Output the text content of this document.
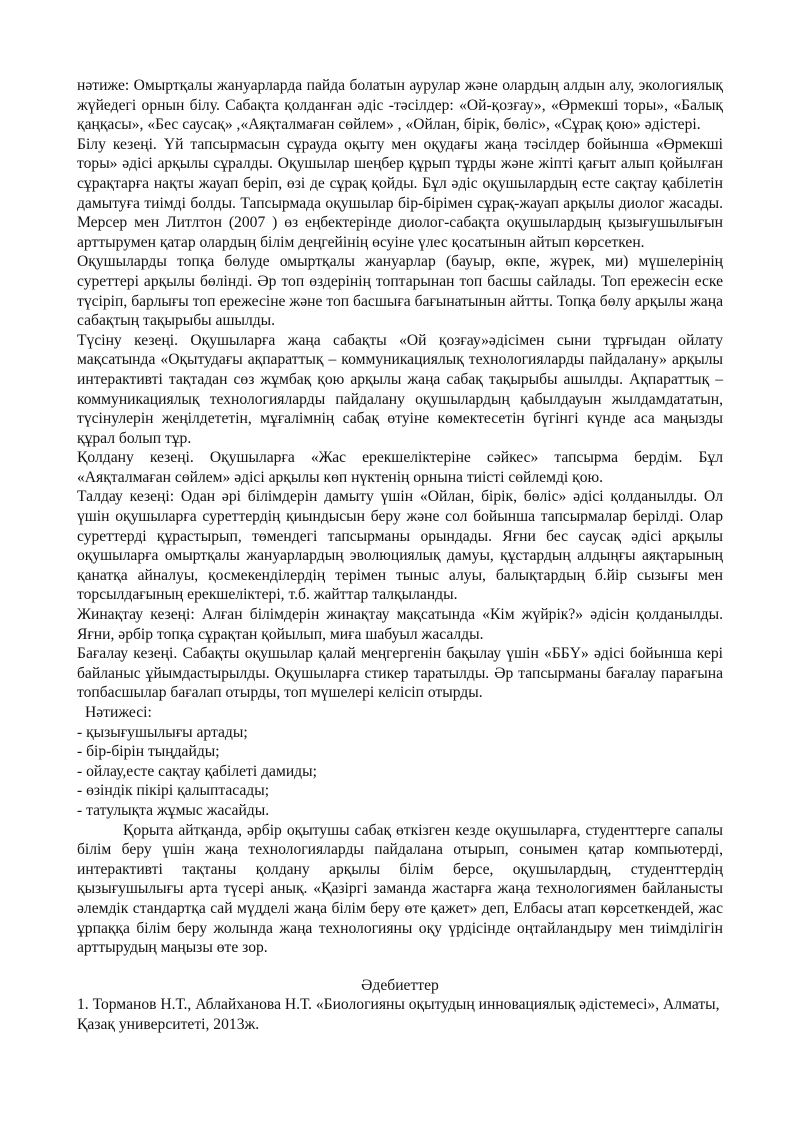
нәтиже: Омыртқалы жануарларда пайда болатын аурулар және олардың алдын алу, экологиялық жүйедегі орнын білу. Сабақта қолданған әдіс -тәсілдер: «Ой-қозғау», «Өрмекші торы», «Балық қаңқасы», «Бес саусақ» ,«Аяқталмаған сөйлем» , «Ойлан, бірік, бөліс», «Сұрақ қою» әдістері.

Білу кезеңі. Үй тапсырмасын сұрауда оқыту мен оқудағы жаңа тәсілдер бойынша «Өрмекші торы» әдісі арқылы сұралды. Оқушылар шеңбер құрып тұрды және жіпті қағыт алып қойылған сұрақтарға нақты жауап беріп, өзі де сұрақ қойды. Бұл әдіс оқушылардың есте сақтау қабілетін дамытуға тиімді болды. Тапсырмада оқушылар бір-бірімен сұрақ-жауап арқылы диолог жасады. Мерсер мен Литлтон (2007 ) өз еңбектерінде диолог-сабақта оқушылардың қызығушылығын арттырумен қатар олардың білім деңгейінің өсуіне үлес қосатынын айтып көрсеткен.

Оқушыларды топқа бөлуде омыртқалы жануарлар (бауыр, өкпе, жүрек, ми) мүшелерінің суреттері арқылы бөлінді. Әр топ өздерінің топтарынан топ басшы сайлады. Топ ережесін еске түсіріп, барлығы топ ережесіне және топ басшыға бағынатынын айтты. Топқа бөлу арқылы жаңа сабақтың тақырыбы ашылды.

Түсіну кезеңі. Оқушыларға жаңа сабақты «Ой қозғау»әдісімен сыни тұрғыдан ойлату мақсатында «Оқытудағы ақпараттық – коммуникациялық технологияларды пайдалану» арқылы интерактивті тақтадан сөз жұмбақ қою арқылы жаңа сабақ тақырыбы ашылды. Ақпараттық – коммуникациялық технологияларды пайдалану оқушылардың қабылдауын жылдамдататын, түсінулерін жеңілдететін, мұғалімнің сабақ өтуіне көмектесетін бүгінгі күнде аса маңызды құрал болып тұр.

Қолдану кезеңі. Оқушыларға «Жас ерекшеліктеріне сәйкес» тапсырма бердім. Бұл «Аяқталмаған сөйлем» әдісі арқылы көп нүктенің орнына тиісті сөйлемді қою.

Талдау кезеңі: Одан әрі білімдерін дамыту үшін «Ойлан, бірік, бөліс» әдісі қолданылды. Ол үшін оқушыларға суреттердің қиындысын беру және сол бойынша тапсырмалар берілді. Олар суреттерді құрастырып, төмендегі тапсырманы орындады. Яғни бес саусақ әдісі арқылы оқушыларға омыртқалы жануарлардың эволюциялық дамуы, құстардың алдыңғы аяқтарының қанатқа айналуы, қосмекенділердің терімен тыныс алуы, балықтардың б.йір сызығы мен торсылдағының ерекшеліктері, т.б. жайттар талқыланды.

Жинақтау кезеңі: Алған білімдерін жинақтау мақсатында «Кім жүйрік?» әдісін қолданылды. Яғни, әрбір топқа сұрақтан қойылып, миға шабуыл жасалды.

Бағалау кезеңі. Сабақты оқушылар қалай меңгергенін бақылау үшін «ББҮ» әдісі бойынша кері байланыс ұйымдастырылды. Оқушыларға стикер таратылды. Әр тапсырманы бағалау парағына топбасшылар бағалап отырды, топ мүшелері келісіп отырды.

Нәтижесі:
- қызығушылығы артады;
- бір-бірін тыңдайды;
- ойлау,есте сақтау қабілеті дамиды;
- өзіндік пікірі қалыптасады;
- татулықта жұмыс жасайды.

Қорыта айтқанда, әрбір оқытушы сабақ өткізген кезде оқушыларға, студенттерге сапалы білім беру үшін жаңа технологияларды пайдалана отырып, сонымен қатар компьютерді, интерактивті тақтаны қолдану арқылы білім берсе, оқушылардың, студенттердің қызығушылығы арта түсері анық. «Қазіргі заманда жастарға жаңа технологиямен байланысты әлемдік стандартқа сай мүдделі жаңа білім беру өте қажет» деп, Елбасы атап көрсеткендей, жас ұрпаққа білім беру жолында жаңа технологияны оқу үрдісінде оңтайландыру мен тиімділігін арттырудың маңызы өте зор.

Әдебиеттер

1. Торманов Н.Т., Аблайханова Н.Т. «Биологияны оқытудың инновациялық әдістемесі», Алматы, Қазақ университеті, 2013ж.
